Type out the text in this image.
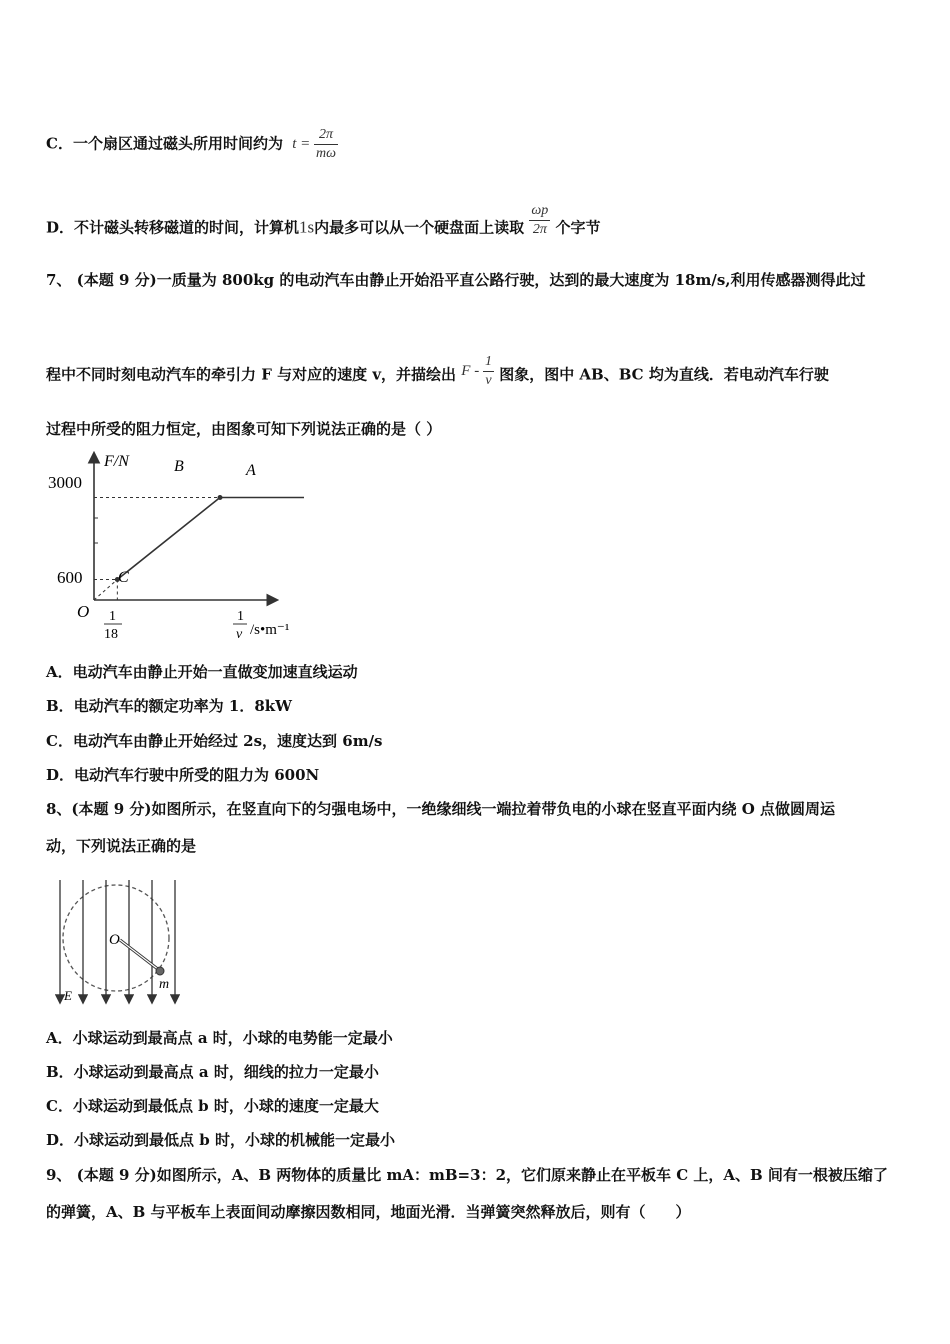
C．一个扇区通过磁头所用时间约为 $t = \frac{2\pi}{m\omega}$
D．不计磁头转移磁道的时间，计算机1s内最多可以从一个硬盘面上读取 $\frac{\omega p}{2\pi}$ 个字节
7、 (本题 9 分)一质量为 800kg 的电动汽车由静止开始沿平直公路行驶，达到的最大速度为 18m/s,利用传感器测得此过
程中不同时刻电动汽车的牵引力 F 与对应的速度 v，并描绘出 F - $\frac{1}{v}$ 图象，图中 AB、BC 均为直线．若电动汽车行驶
过程中所受的阻力恒定，由图象可知下列说法正确的是（ ）
F/N	B	A
C
3000
600
O 1
18
1
v /s•m⁻¹
A．电动汽车由静止开始一直做变加速直线运动
B．电动汽车的额定功率为 1．8kW
C．电动汽车由静止开始经过 2s，速度达到 6m/s
D．电动汽车行驶中所受的阻力为 600N
8、(本题 9 分)如图所示，在竖直向下的匀强电场中，一绝缘细线一端拉着带负电的小球在竖直平面内绕 O 点做圆周运
动，下列说法正确的是
O
m
E
A．小球运动到最高点 a 时，小球的电势能一定最小
B．小球运动到最高点 a 时，细线的拉力一定最小
C．小球运动到最低点 b 时，小球的速度一定最大
D．小球运动到最低点 b 时，小球的机械能一定最小
9、 (本题 9 分)如图所示，A、B 两物体的质量比 mA：mB=3：2，它们原来静止在平板车 C 上，A、B 间有一根被压缩了
的弹簧，A、B 与平板车上表面间动摩擦因数相同，地面光滑．当弹簧突然释放后，则有（　　）
